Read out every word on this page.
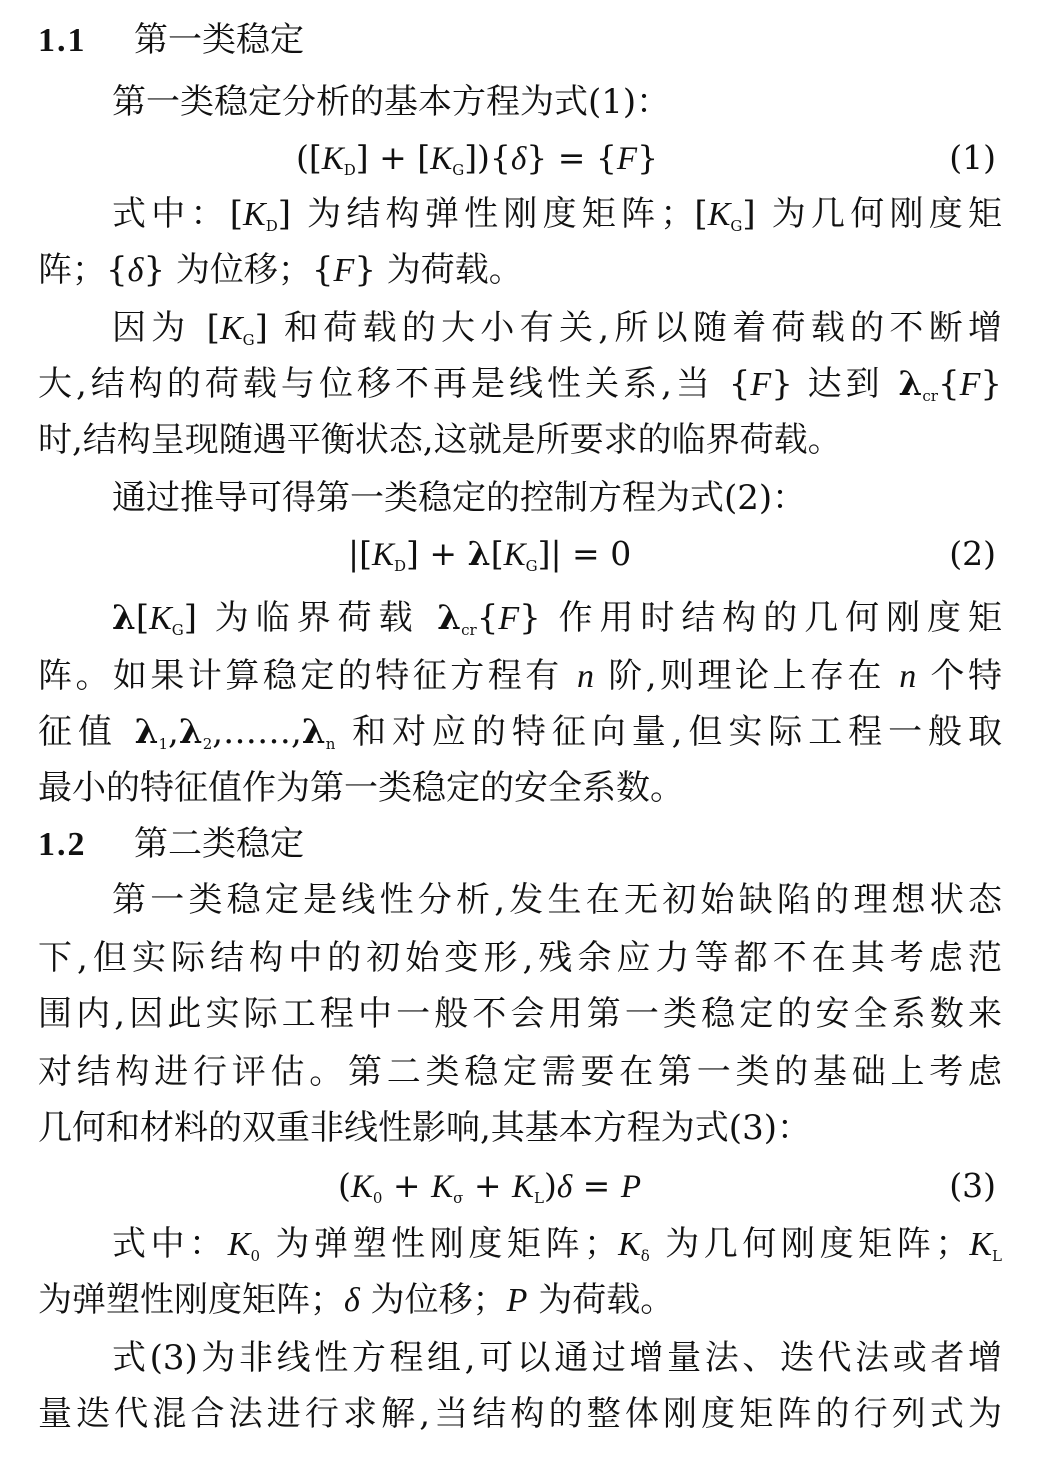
1.1 第一类稳定
第一类稳定分析的基本方程为式(1)：
$([K_D] + [K_G])\{\delta\} = \{F\}$	(1)
式中：$[K_D]$ 为结构弹性刚度矩阵；$[K_G]$ 为几何刚度矩
阵；{δ} 为位移；{F} 为荷载。
因为 $[K_G]$ 和荷载的大小有关,所以随着荷载的不断增
大,结构的荷载与位移不再是线性关系,当 {F} 达到 $\lambda_{cr}\{F\}$
时,结构呈现随遇平衡状态,这就是所要求的临界荷载。
通过推导可得第一类稳定的控制方程为式(2)：
$|[K_D] + \lambda[K_G]| = 0$	(2)
$\lambda[K_G]$ 为临界荷载 $\lambda_{cr}\{F\}$ 作用时结构的几何刚度矩
阵。如果计算稳定的特征方程有 n 阶,则理论上存在 n 个特
征值 $\lambda_1,\lambda_2,\dots\dots,\lambda_n$ 和对应的特征向量,但实际工程一般取
最小的特征值作为第一类稳定的安全系数。
1.2 第二类稳定
第一类稳定是线性分析,发生在无初始缺陷的理想状态
下,但实际结构中的初始变形,残余应力等都不在其考虑范
围内,因此实际工程中一般不会用第一类稳定的安全系数来
对结构进行评估。第二类稳定需要在第一类的基础上考虑
几何和材料的双重非线性影响,其基本方程为式(3)：
$(K_0 + K_\sigma + K_L)\delta = P$	(3)
式中：$K_0$ 为弹塑性刚度矩阵；$K_\delta$ 为几何刚度矩阵；$K_L$
为弹塑性刚度矩阵；δ 为位移；P 为荷载。
式(3)为非线性方程组,可以通过增量法、迭代法或者增
量迭代混合法进行求解,当结构的整体刚度矩阵的行列式为
